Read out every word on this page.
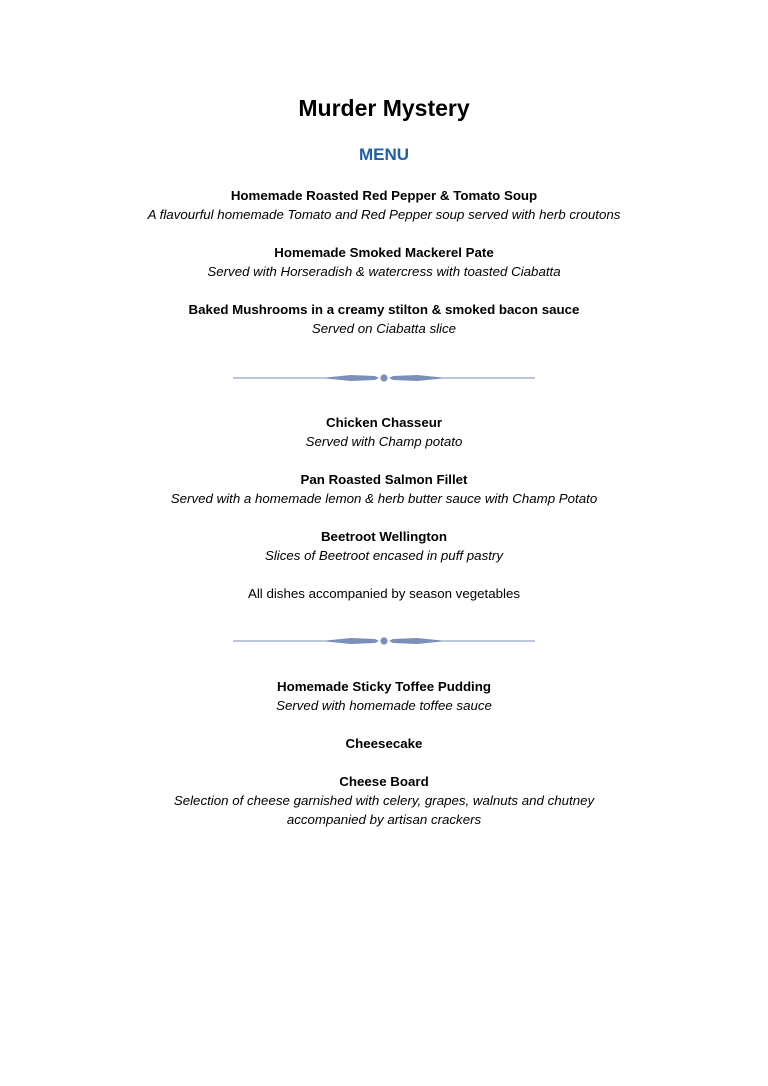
Murder Mystery
MENU
Homemade Roasted Red Pepper & Tomato Soup
A flavourful homemade Tomato and Red Pepper soup served with herb croutons
Homemade Smoked Mackerel Pate
Served with Horseradish & watercress with toasted Ciabatta
Baked Mushrooms in a creamy stilton & smoked bacon sauce
Served on Ciabatta slice
Chicken Chasseur
Served with Champ potato
Pan Roasted Salmon Fillet
Served with a homemade lemon & herb butter sauce with Champ Potato
Beetroot Wellington
Slices of Beetroot encased in puff pastry
All dishes accompanied by season vegetables
Homemade Sticky Toffee Pudding
Served with homemade toffee sauce
Cheesecake
Cheese Board
Selection of cheese garnished with celery, grapes, walnuts and chutney
accompanied by artisan crackers
